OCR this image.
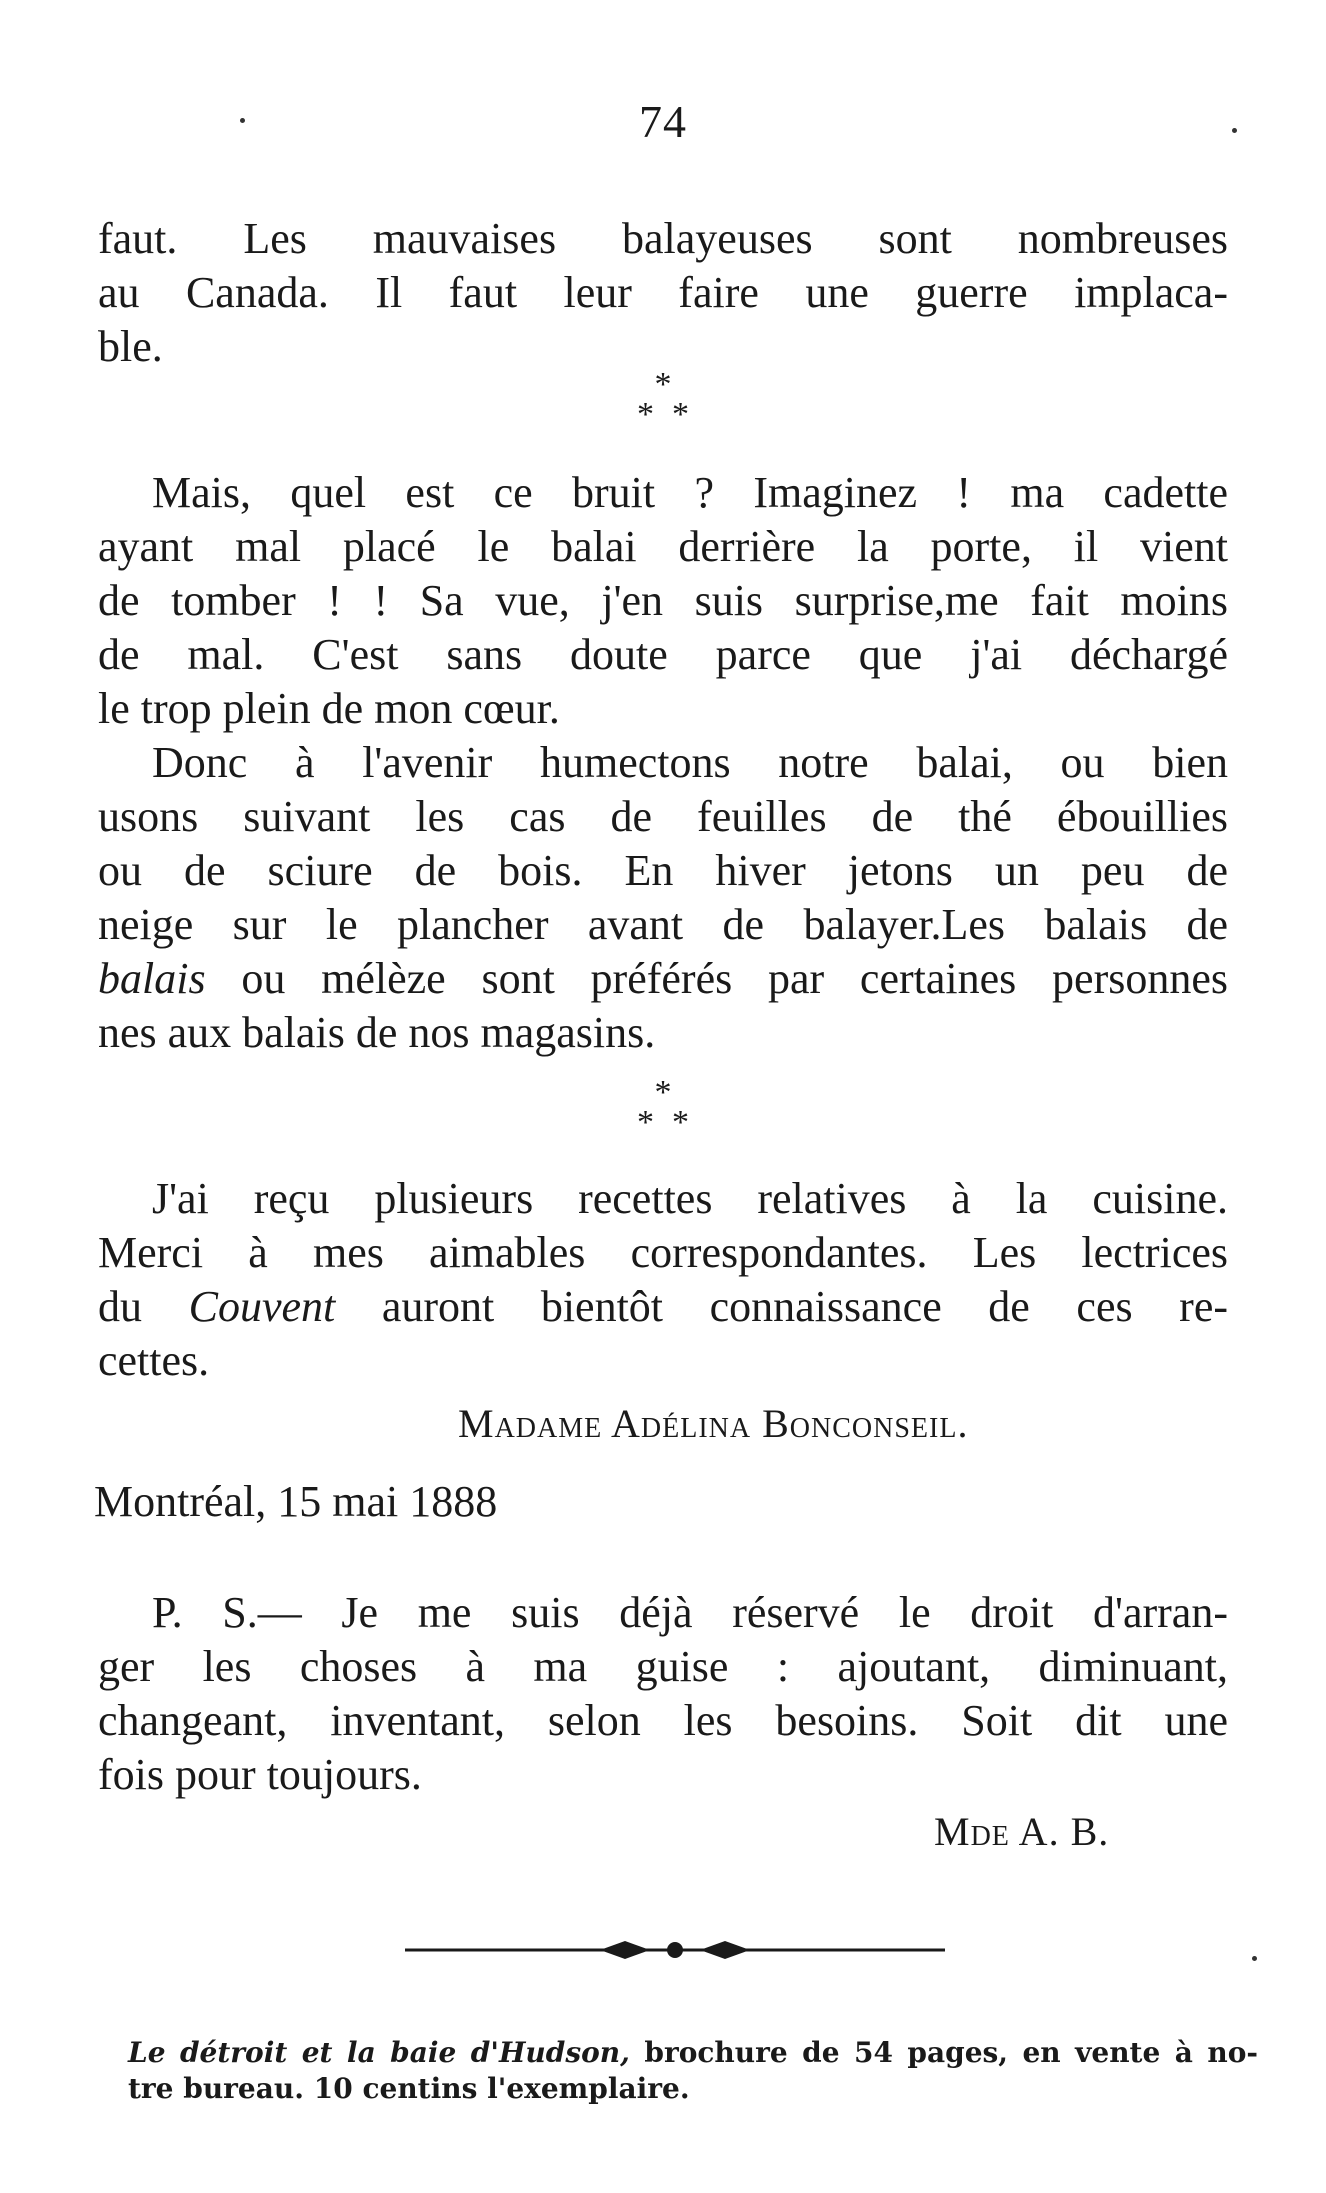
74
faut. Les mauvaises balayeuses sont nombreuses
au Canada. Il faut leur faire une guerre implaca-
ble.
*
**
Mais, quel est ce bruit ? Imaginez ! ma cadette
ayant mal placé le balai derrière la porte, il vient
de tomber ! ! Sa vue, j'en suis surprise,me fait moins
de mal. C'est sans doute parce que j'ai déchargé
le trop plein de mon cœur.
Donc à l'avenir humectons notre balai, ou bien
usons suivant les cas de feuilles de thé ébouillies
ou de sciure de bois. En hiver jetons un peu de
neige sur le plancher avant de balayer.Les balais de
balais ou mélèze sont préférés par certaines personnes
nes aux balais de nos magasins.
*
**
J'ai reçu plusieurs recettes relatives à la cuisine.
Merci à mes aimables correspondantes. Les lectrices
du Couvent auront bientôt connaissance de ces re-
cettes.
Madame Adélina Bonconseil.
Montréal, 15 mai 1888
P. S.— Je me suis déjà réservé le droit d'arran-
ger les choses à ma guise : ajoutant, diminuant,
changeant, inventant, selon les besoins. Soit dit une
fois pour toujours.
Mde A. B.
Le détroit et la baie d'Hudson, brochure de 54 pages, en vente à no-
tre bureau. 10 centins l'exemplaire.
